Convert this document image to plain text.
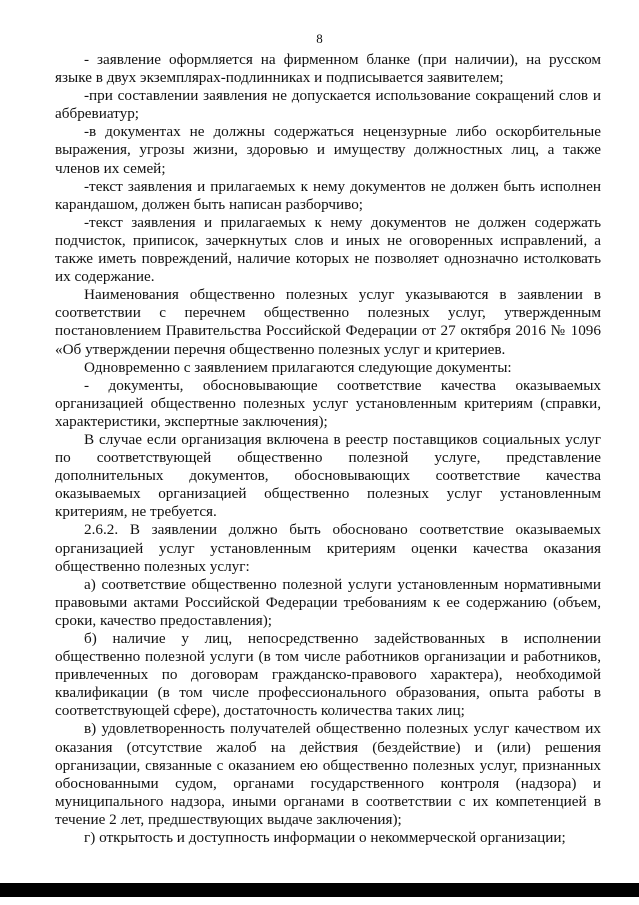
8

- заявление оформляется на фирменном бланке (при наличии), на русском языке в двух экземплярах-подлинниках и подписывается заявителем;

-при составлении заявления не допускается использование сокращений слов и аббревиатур;

-в документах не должны содержаться нецензурные либо оскорбительные выражения, угрозы жизни, здоровью и имуществу должностных лиц, а также членов их семей;

-текст заявления и прилагаемых к нему документов не должен быть исполнен карандашом, должен быть написан разборчиво;

-текст заявления и прилагаемых к нему документов не должен содержать подчисток, приписок, зачеркнутых слов и иных не оговоренных исправлений, а также иметь повреждений, наличие которых не позволяет однозначно истолковать их содержание.

Наименования общественно полезных услуг указываются в заявлении в соответствии с перечнем общественно полезных услуг, утвержденным постановлением Правительства Российской Федерации от 27 октября 2016 № 1096 «Об утверждении перечня общественно полезных услуг и критериев.

Одновременно с заявлением прилагаются следующие документы:

- документы, обосновывающие соответствие качества оказываемых организацией общественно полезных услуг установленным критериям (справки, характеристики, экспертные заключения);

В случае если организация включена в реестр поставщиков социальных услуг по соответствующей общественно полезной услуге, представление дополнительных документов, обосновывающих соответствие качества оказываемых организацией общественно полезных услуг установленным критериям, не требуется.

2.6.2. В заявлении должно быть обосновано соответствие оказываемых организацией услуг установленным критериям оценки качества оказания общественно полезных услуг:

а) соответствие общественно полезной услуги установленным нормативными правовыми актами Российской Федерации требованиям к ее содержанию (объем, сроки, качество предоставления);

б) наличие у лиц, непосредственно задействованных в исполнении общественно полезной услуги (в том числе работников организации и работников, привлеченных по договорам гражданско-правового характера), необходимой квалификации (в том числе профессионального образования, опыта работы в соответствующей сфере), достаточность количества таких лиц;

в) удовлетворенность получателей общественно полезных услуг качеством их оказания (отсутствие жалоб на действия (бездействие) и (или) решения организации, связанные с оказанием ею общественно полезных услуг, признанных обоснованными судом, органами государственного контроля (надзора) и муниципального надзора, иными органами в соответствии с их компетенцией в течение 2 лет, предшествующих выдаче заключения);

г) открытость и доступность информации о некоммерческой организации;
